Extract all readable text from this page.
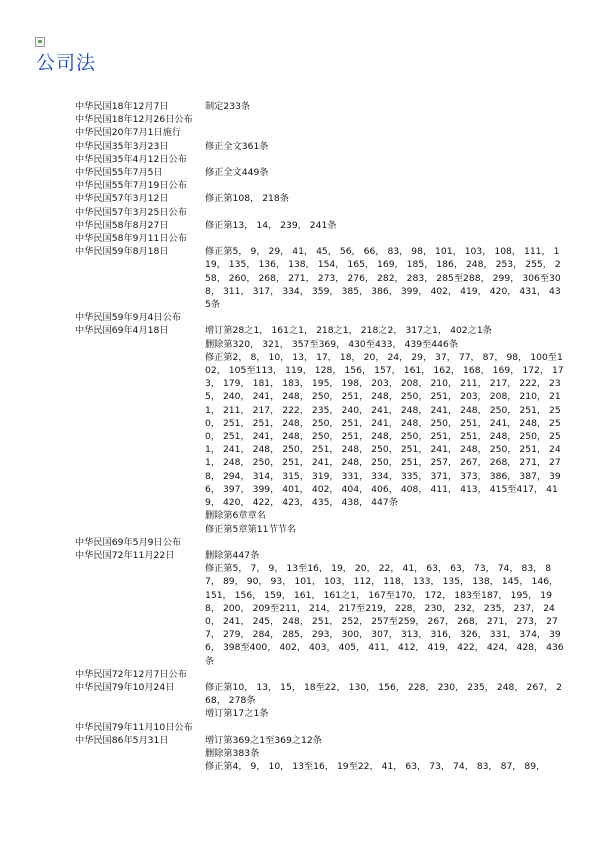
公司法
中华民国18年12月7日	制定233条
中华民国18年12月26日公布
中华民国20年7月1日施行
中华民国35年3月23日	修正全文361条
中华民国35年4月12日公布
中华民国55年7月5日	修正全文449条
中华民国55年7月19日公布
中华民国57年3月12日	修正第108， 218条
中华民国57年3月25日公布
中华民国58年8月27日	修正第13， 14， 239， 241条
中华民国58年9月11日公布
中华民国59年8月18日	修正第5， 9， 29， 41， 45， 56， 66， 83， 98， 101， 103， 108， 111， 119， 135， 136， 138， 154， 165， 169， 185， 186， 248， 253， 255， 258， 260， 268， 271， 273， 276， 282， 283， 285至288， 299， 306至308， 311， 317， 334， 359， 385， 386， 399， 402， 419， 420， 431， 435条
中华民国59年9月4日公布
中华民国69年4月18日	增订第28之1， 161之1， 218之1， 218之2， 317之1， 402之1条
删除第320， 321， 357至369， 430至433， 439至446条
修正第2， 8， 10， 13， 17， 18， 20， 24， 29， 37， 77， 87， 98， 100至102， 105至113， 119， 128， 156， 157， 161， 162， 168， 169， 172， 173， 179， 181， 183， 195， 198， 203， 208， 210， 211， 217， 222， 235， 240， 241， 248， 250， 251， 248， 250， 251， 203， 208， 210， 211， 211， 217， 222， 235， 240， 241， 248， 241， 248， 250， 251， 250， 251， 251， 248， 250， 251， 241， 248， 250， 251， 241， 248， 250， 251， 241， 248， 250， 251， 248， 250， 251， 251， 248， 250， 251， 241， 248， 250， 251， 248， 250， 251， 241， 248， 250， 251， 241， 248， 250， 251， 241， 248， 250， 251， 257， 267， 268， 271， 278， 294， 314， 315， 319， 331， 334， 335， 371， 373， 386， 387， 396， 397， 399， 401， 402， 404， 406， 408， 411， 413， 415至417， 419， 420， 422， 423， 435， 438， 447条
删除第6章章名
修正第5章第11节节名
中华民国69年5月9日公布
中华民国72年11月22日	删除第447条
修正第5， 7， 9， 13至16， 19， 20， 22， 41， 63， 63， 73， 74， 83， 87， 89， 90， 93， 101， 103， 112， 118， 133， 135， 138， 145， 146， 151， 156， 159， 161， 161之1， 167至170， 172， 183至187， 195， 198， 200， 209至211， 214， 217至219， 228， 230， 232， 235， 237， 240， 241， 245， 248， 251， 252， 257至259， 267， 268， 271， 273， 277， 279， 284， 285， 293， 300， 307， 313， 316， 326， 331， 374， 396， 398至400， 402， 403， 405， 411， 412， 419， 422， 424， 428， 436条
中华民国72年12月7日公布
中华民国79年10月24日	修正第10， 13， 15， 18至22， 130， 156， 228， 230， 235， 248， 267， 268， 278条
增订第17之1条
中华民国79年11月10日公布
中华民国86年5月31日	增订第369之1至369之12条
删除第383条
修正第4， 9， 10， 13至16， 19至22， 41， 63， 73， 74， 83， 87， 89，
